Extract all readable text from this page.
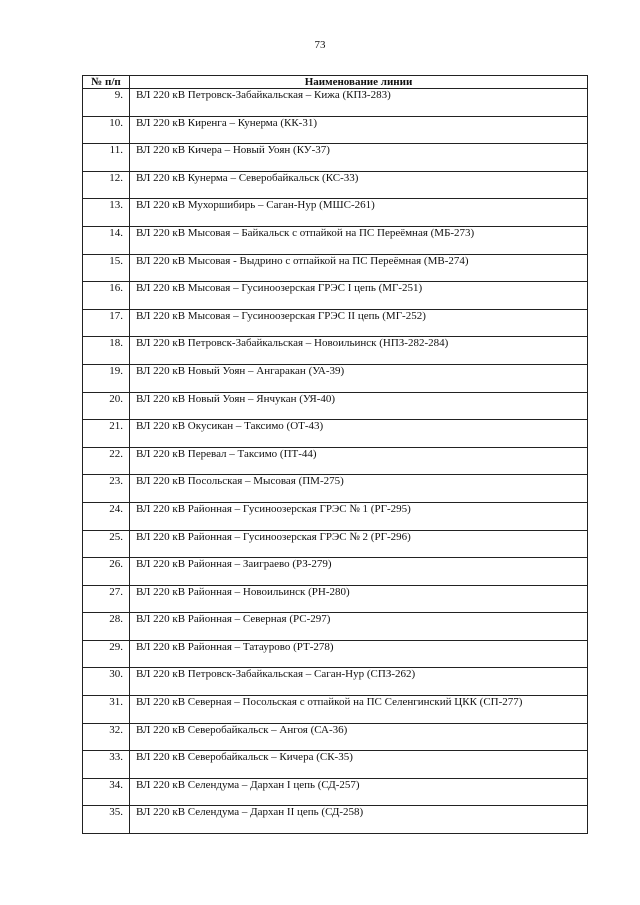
73
№ п/п	Наименование линии
9.	ВЛ 220 кВ Петровск-Забайкальская – Кижа (КПЗ-283)
10.	ВЛ 220 кВ Киренга – Кунерма (КК-31)
11.	ВЛ 220 кВ Кичера – Новый Уоян (КУ-37)
12.	ВЛ 220 кВ Кунерма – Северобайкальск (КС-33)
13.	ВЛ 220 кВ Мухоршибирь – Саган-Нур (МШС-261)
14.	ВЛ 220 кВ Мысовая – Байкальск с отпайкой на ПС Переёмная (МБ-273)
15.	ВЛ 220 кВ Мысовая - Выдрино с отпайкой на ПС Переёмная (МВ-274)
16.	ВЛ 220 кВ Мысовая – Гусиноозерская ГРЭС I цепь (МГ-251)
17.	ВЛ 220 кВ Мысовая – Гусиноозерская ГРЭС II цепь (МГ-252)
18.	ВЛ 220 кВ Петровск-Забайкальская – Новоильинск (НПЗ-282-284)
19.	ВЛ 220 кВ Новый Уоян – Ангаракан (УА-39)
20.	ВЛ 220 кВ Новый Уоян – Янчукан (УЯ-40)
21.	ВЛ 220 кВ Окусикан – Таксимо (ОТ-43)
22.	ВЛ 220 кВ Перевал – Таксимо (ПТ-44)
23.	ВЛ 220 кВ Посольская – Мысовая (ПМ-275)
24.	ВЛ 220 кВ Районная – Гусиноозерская ГРЭС № 1 (РГ-295)
25.	ВЛ 220 кВ Районная – Гусиноозерская ГРЭС № 2 (РГ-296)
26.	ВЛ 220 кВ Районная – Заиграево (РЗ-279)
27.	ВЛ 220 кВ Районная – Новоильинск (РН-280)
28.	ВЛ 220 кВ Районная – Северная (РС-297)
29.	ВЛ 220 кВ Районная – Татаурово (РТ-278)
30.	ВЛ 220 кВ Петровск-Забайкальская – Саган-Нур (СПЗ-262)
31.	ВЛ 220 кВ Северная – Посольская с отпайкой на ПС Селенгинский ЦКК (СП-277)
32.	ВЛ 220 кВ Северобайкальск – Ангоя (СА-36)
33.	ВЛ 220 кВ Северобайкальск – Кичера (СК-35)
34.	ВЛ 220 кВ Селендума – Дархан I цепь (СД-257)
35.	ВЛ 220 кВ Селендума – Дархан II цепь (СД-258)
